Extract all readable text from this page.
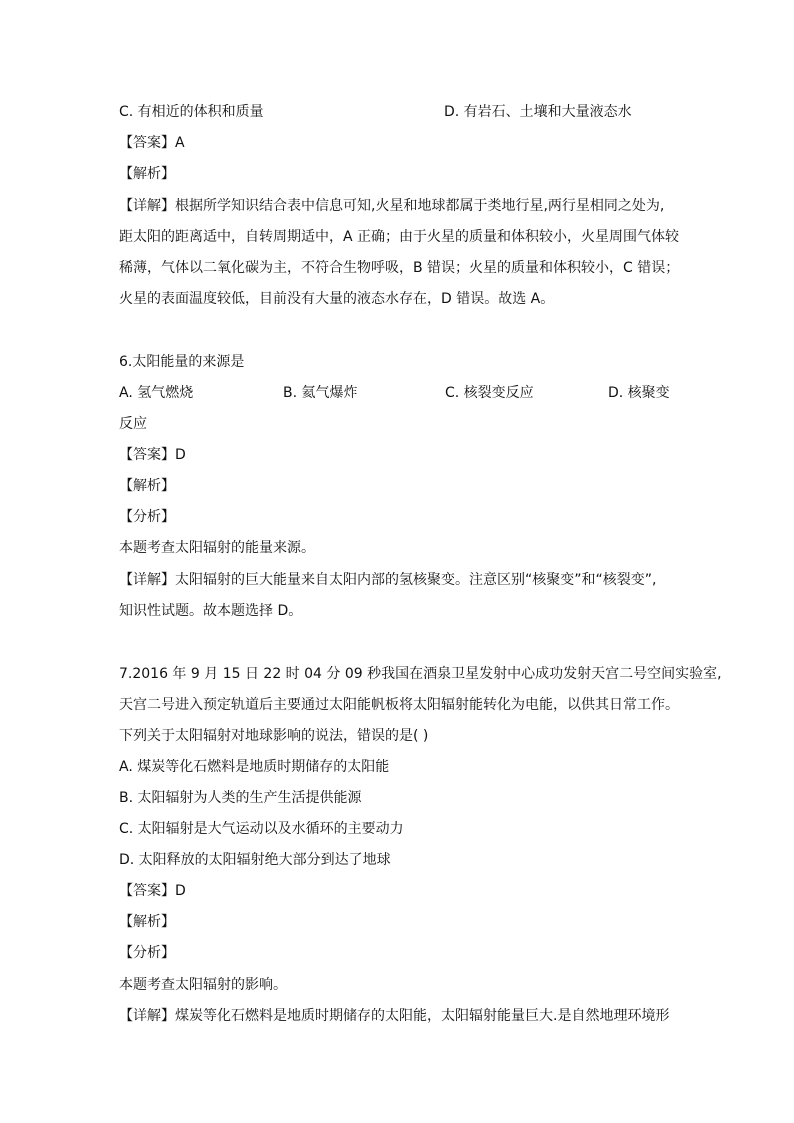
C. 有相近的体积和质量	D. 有岩石、土壤和大量液态水
【答案】A
【解析】
【详解】根据所学知识结合表中信息可知,火星和地球都属于类地行星,两行星相同之处为,
距太阳的距离适中，自转周期适中，A 正确；由于火星的质量和体积较小，火星周围气体较
稀薄，气体以二氧化碳为主，不符合生物呼吸，B 错误；火星的质量和体积较小，C 错误；
火星的表面温度较低，目前没有大量的液态水存在，D 错误。故选 A。
6.太阳能量的来源是
A. 氢气燃烧	B. 氦气爆炸	C. 核裂变反应	D. 核聚变
反应
【答案】D
【解析】
【分析】
本题考查太阳辐射的能量来源。
【详解】太阳辐射的巨大能量来自太阳内部的氢核聚变。注意区别“核聚变”和“核裂变”,
知识性试题。故本题选择 D。
7.2016 年 9 月 15 日 22 时 04 分 09 秒我国在酒泉卫星发射中心成功发射天宫二号空间实验室,
天宫二号进入预定轨道后主要通过太阳能帆板将太阳辐射能转化为电能，以供其日常工作。
下列关于太阳辐射对地球影响的说法，错误的是( )
A. 煤炭等化石燃料是地质时期储存的太阳能
B. 太阳辐射为人类的生产生活提供能源
C. 太阳辐射是大气运动以及水循环的主要动力
D. 太阳释放的太阳辐射绝大部分到达了地球
【答案】D
【解析】
【分析】
本题考查太阳辐射的影响。
【详解】煤炭等化石燃料是地质时期储存的太阳能，太阳辐射能量巨大.是自然地理环境形
